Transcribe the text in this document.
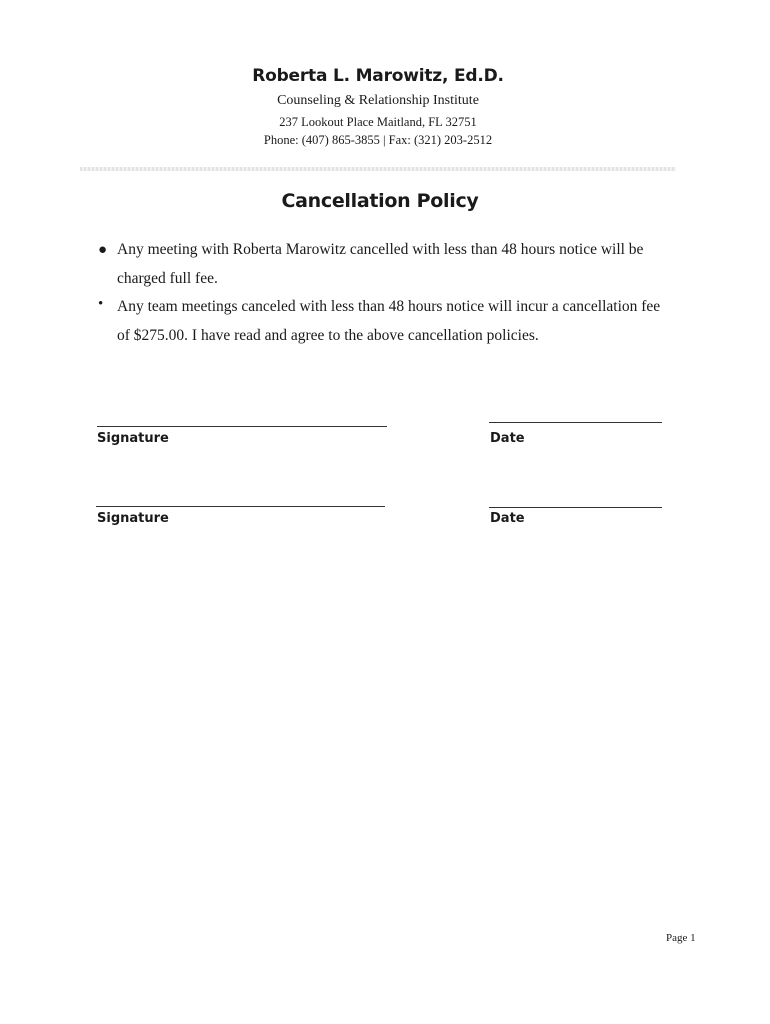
Roberta L. Marowitz, Ed.D.
Counseling & Relationship Institute
237 Lookout Place Maitland, FL 32751
Phone: (407) 865-3855 | Fax: (321) 203-2512
Cancellation Policy
● Any meeting with Roberta Marowitz cancelled with less than 48 hours notice will be charged full fee.
• Any team meetings canceled with less than 48 hours notice will incur a cancellation fee of $275.00. I have read and agree to the above cancellation policies.
Signature	Date
Signature	Date
Page 1
